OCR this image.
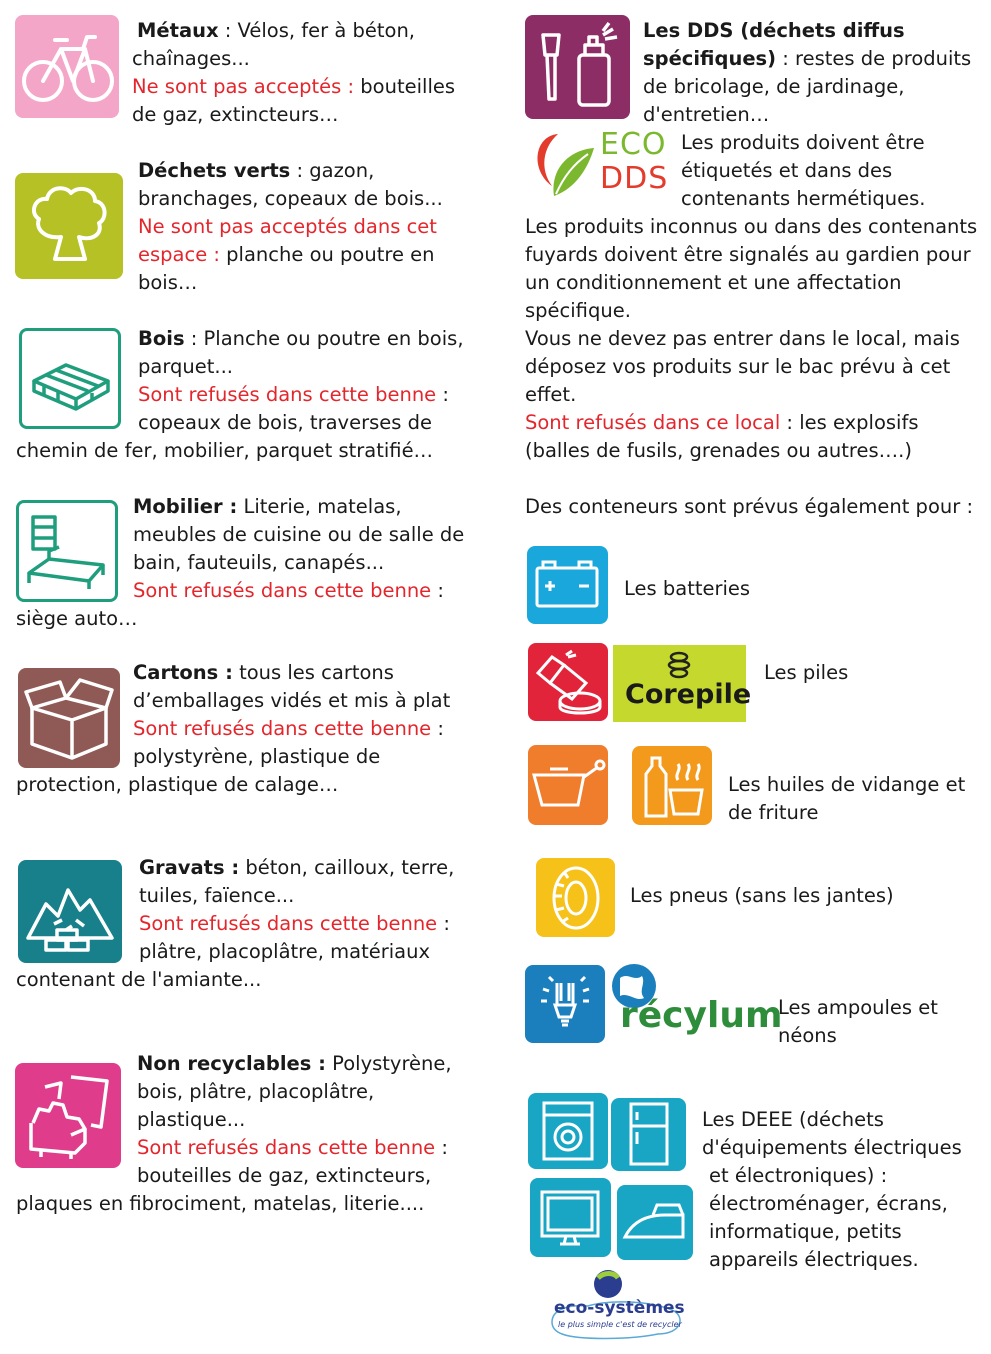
Métaux : Vélos, fer à béton,

chaînages...

Ne sont pas acceptés : bouteilles

de gaz, extincteurs…

Déchets verts : gazon,

branchages, copeaux de bois...

Ne sont pas acceptés dans cet

espace : planche ou poutre en

bois…

Bois : Planche ou poutre en bois,

parquet...

Sont refusés dans cette benne :

copeaux de bois, traverses de

chemin de fer, mobilier, parquet stratifié…

Mobilier : Literie, matelas,

meubles de cuisine ou de salle de

bain, fauteuils, canapés...

Sont refusés dans cette benne :

siège auto…

Cartons : tous les cartons

d’emballages vidés et mis à plat

Sont refusés dans cette benne :

polystyrène, plastique de

protection, plastique de calage…

Gravats : béton, cailloux, terre,

tuiles, faïence...

Sont refusés dans cette benne :

plâtre, placoplâtre, matériaux

contenant de l'amiante...

Non recyclables : Polystyrène,

bois, plâtre, placoplâtre,

plastique...

Sont refusés dans cette benne :

bouteilles de gaz, extincteurs,

plaques en fibrociment, matelas, literie....

Les DDS (déchets diffus

spécifiques) : restes de produits

de bricolage, de jardinage,

d'entretien…

ECO
DDS

Les produits doivent être

étiquetés et dans des

contenants hermétiques.

Les produits inconnus ou dans des contenants

fuyards doivent être signalés au gardien pour

un conditionnement et une affectation

spécifique.

Vous ne devez pas entrer dans le local, mais

déposez vos produits sur le bac prévu à cet

effet.

Sont refusés dans ce local : les explosifs

(balles de fusils, grenades ou autres….)

Des conteneurs sont prévus également pour :

Les batteries

Corepile

Les piles

Les huiles de vidange et

de friture

Les pneus (sans les jantes)

récylum

Les ampoules et

néons

Les DEEE (déchets

d'équipements électriques

et électroniques) :

électroménager, écrans,

informatique, petits

appareils électriques.

eco-systèmes
le plus simple c'est de recycler
